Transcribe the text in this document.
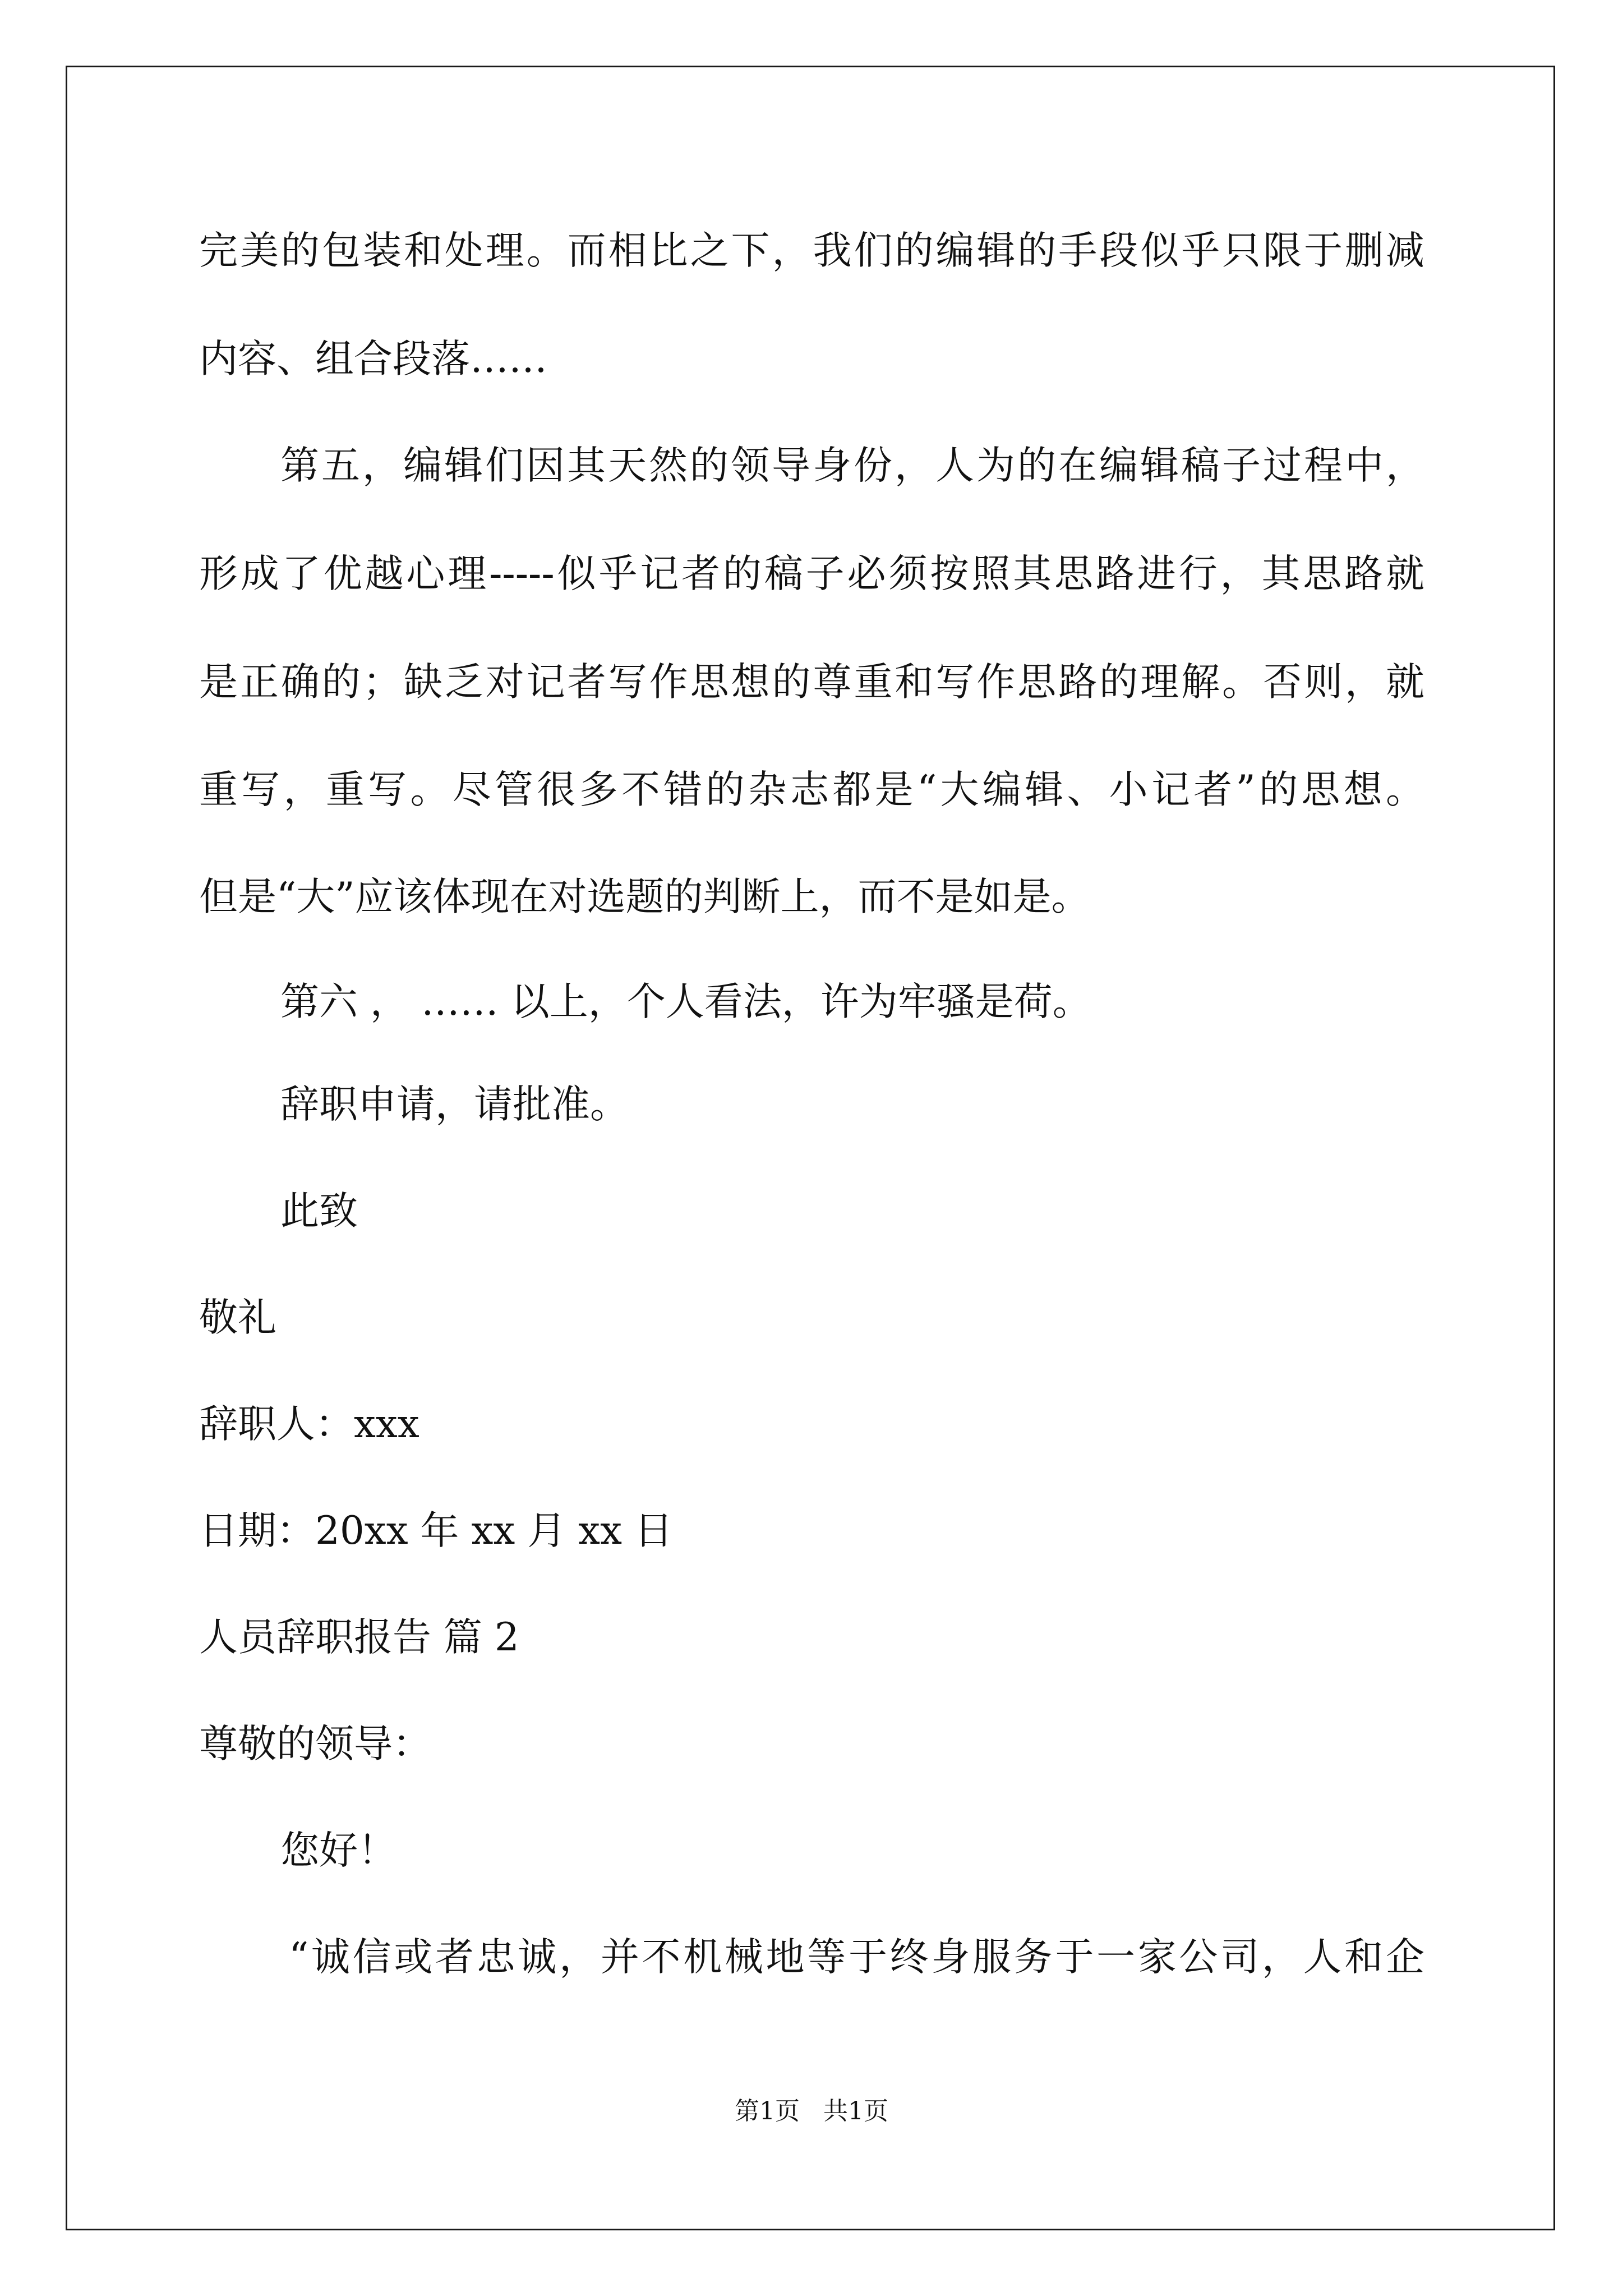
完美的包装和处理。而相比之下，我们的编辑的手段似乎只限于删减
内容、组合段落……
第五，编辑们因其天然的领导身份，人为的在编辑稿子过程中，
形成了优越心理-----似乎记者的稿子必须按照其思路进行，其思路就
是正确的；缺乏对记者写作思想的尊重和写作思路的理解。否则，就
重写，重写。尽管很多不错的杂志都是“大编辑、小记者”的思想。
但是“大”应该体现在对选题的判断上，而不是如是。
第六 ， …… 以上，个人看法，许为牢骚是荷。
辞职申请，请批准。
此致
敬礼
辞职人：xxx
日期：20xx 年 xx 月 xx 日
人员辞职报告 篇 2
尊敬的领导：
您好！
“诚信或者忠诚，并不机械地等于终身服务于一家公司，人和企
第1页   共1页
